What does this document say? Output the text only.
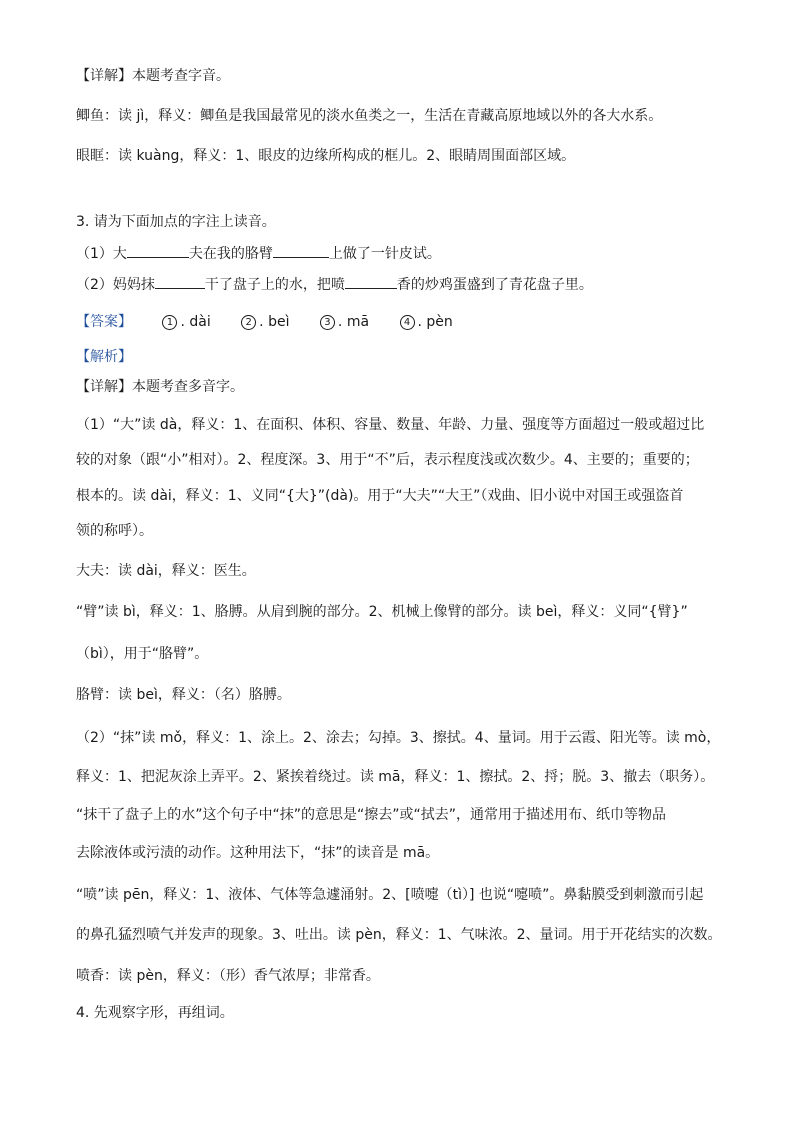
【详解】本题考查字音。
鲫鱼：读 jì，释义：鲫鱼是我国最常见的淡水鱼类之一，生活在青藏高原地域以外的各大水系。
眼眶：读 kuàng，释义：1、眼皮的边缘所构成的框儿。2、眼睛周围面部区域。
3. 请为下面加点的字注上读音。
（1）大	夫在我的胳臂	上做了一针皮试。
（2）妈妈抹	干了盘子上的水，把喷	香的炒鸡蛋盛到了青花盘子里。
【答案】	1 . dài	2 . beì	3 . mā	4 . pèn
【解析】
【详解】本题考查多音字。
（1）“大”读 dà，释义：1、在面积、体积、容量、数量、年龄、力量、强度等方面超过一般或超过比
较的对象（跟“小”相对）。2、程度深。3、用于“不”后，表示程度浅或次数少。4、主要的；重要的；
根本的。读 dài，释义：1、义同“{大}”(dà)。用于“大夫”“大王”（戏曲、旧小说中对国王或强盗首
领的称呼）。
大夫：读 dài，释义：医生。
“臂”读 bì，释义：1、胳膊。从肩到腕的部分。2、机械上像臂的部分。读 beì，释义：义同“{臂}”
（bì），用于“胳臂”。
胳臂：读 beì，释义：（名）胳膊。
（2）“抹”读 mǒ，释义：1、涂上。2、涂去；勾掉。3、擦拭。4、量词。用于云霞、阳光等。读 mò，
释义：1、把泥灰涂上弄平。2、紧挨着绕过。读 mā，释义：1、擦拭。2、捋；脱。3、撤去（职务）。
“抹干了盘子上的水”这个句子中“抹”的意思是“擦去”或“拭去”，通常用于描述用布、纸巾等物品
去除液体或污渍的动作。这种用法下，“抹”的读音是 mā。
“喷”读 pēn，释义：1、液体、气体等急遽涌射。2、[喷嚏（tì）] 也说“嚏喷”。鼻黏膜受到刺激而引起
的鼻孔猛烈喷气并发声的现象。3、吐出。读 pèn，释义：1、气味浓。2、量词。用于开花结实的次数。
喷香：读 pèn，释义：（形）香气浓厚；非常香。
4. 先观察字形，再组词。
